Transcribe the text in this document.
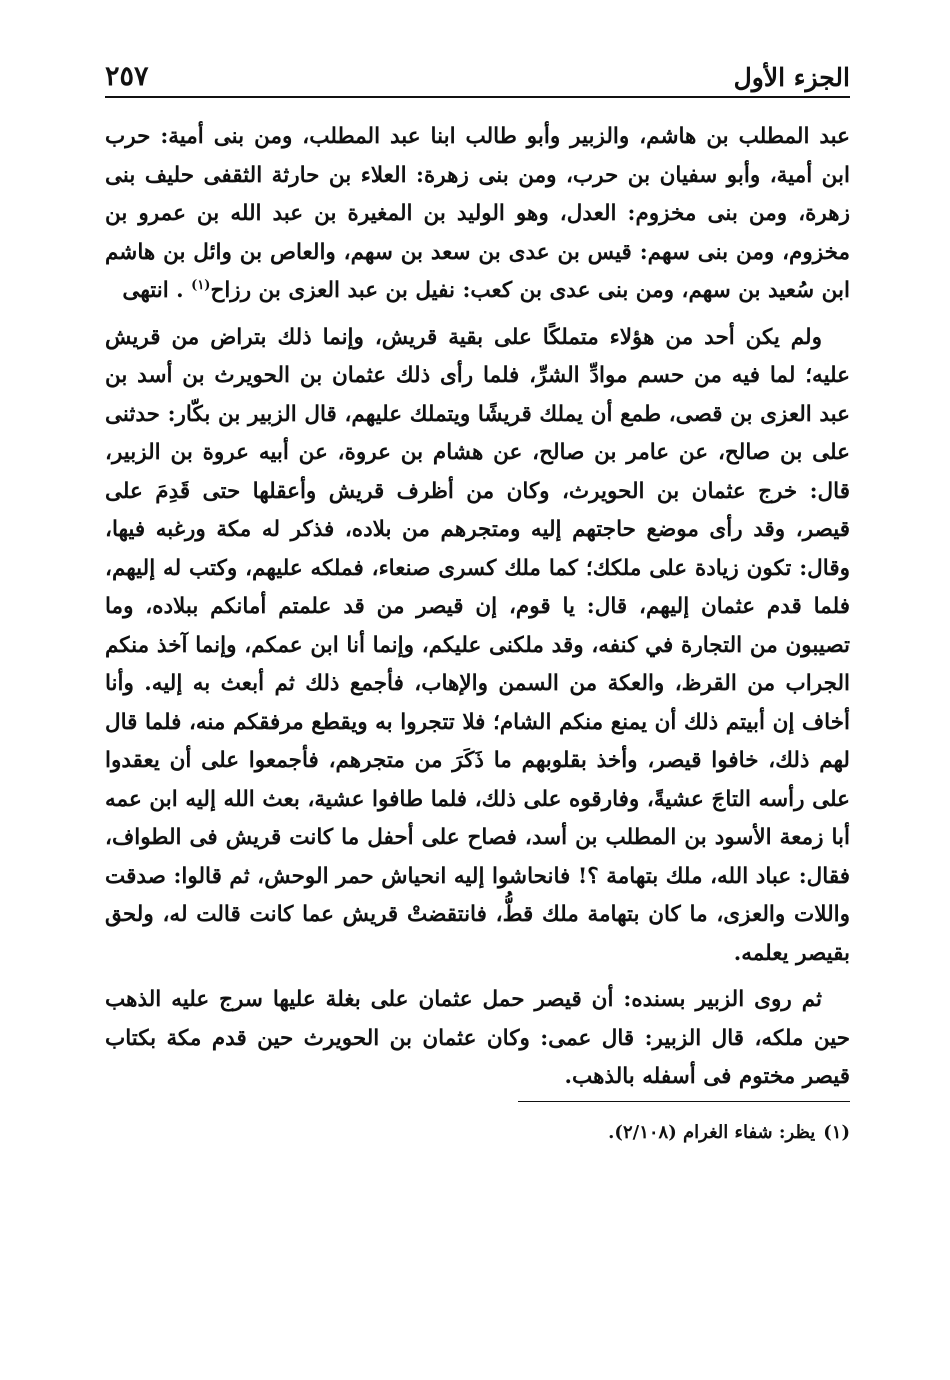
الجزء الأول
٢٥٧

عبد المطلب بن هاشم، والزبير وأبو طالب ابنا عبد المطلب، ومن بنى أمية: حرب ابن أمية، وأبو سفيان بن حرب، ومن بنى زهرة: العلاء بن حارثة الثقفى حليف بنى زهرة، ومن بنى مخزوم: العدل، وهو الوليد بن المغيرة بن عبد الله بن عمرو بن مخزوم، ومن بنى سهم: قيس بن عدى بن سعد بن سهم، والعاص بن وائل بن هاشم ابن سُعيد بن سهم، ومن بنى عدى بن كعب: نفيل بن عبد العزى بن رزاح$^{(١)}$ . انتهى

ولم يكن أحد من هؤلاء متملكًا على بقية قريش، وإنما ذلك بتراض من قريش عليه؛ لما فيه من حسم موادِّ الشرِّ، فلما رأى ذلك عثمان بن الحويرث بن أسد بن عبد العزى بن قصى، طمع أن يملك قريشًا ويتملك عليهم، قال الزبير بن بكّار: حدثنى على بن صالح، عن عامر بن صالح، عن هشام بن عروة، عن أبيه عروة بن الزبير، قال: خرج عثمان بن الحويرث، وكان من أظرف قريش وأعقلها حتى قَدِمَ على قيصر، وقد رأى موضع حاجتهم إليه ومتجرهم من بلاده، فذكر له مكة ورغبه فيها، وقال: تكون زيادة على ملكك؛ كما ملك كسرى صنعاء، فملكه عليهم، وكتب له إليهم، فلما قدم عثمان إليهم، قال: يا قوم، إن قيصر من قد علمتم أمانكم ببلاده، وما تصيبون من التجارة في كنفه، وقد ملكنى عليكم، وإنما أنا ابن عمكم، وإنما آخذ منكم الجراب من القرظ، والعكة من السمن والإهاب، فأجمع ذلك ثم أبعث به إليه. وأنا أخاف إن أبيتم ذلك أن يمنع منكم الشام؛ فلا تتجروا به ويقطع مرفقكم منه، فلما قال لهم ذلك، خافوا قيصر، وأخذ بقلوبهم ما ذَكَرَ من متجرهم، فأجمعوا على أن يعقدوا على رأسه التاجَ عشيةً، وفارقوه على ذلك، فلما طافوا عشية، بعث الله إليه ابن عمه أبا زمعة الأسود بن المطلب بن أسد، فصاح على أحفل ما كانت قريش فى الطواف، فقال: عباد الله، ملك بتهامة ؟! فانحاشوا إليه انحياش حمر الوحش، ثم قالوا: صدقت واللات والعزى، ما كان بتهامة ملك قطُّ، فانتقضتْ قريش عما كانت قالت له، ولحق بقيصر يعلمه.

ثم روى الزبير بسنده: أن قيصر حمل عثمان على بغلة عليها سرج عليه الذهب حين ملكه، قال الزبير: قال عمى: وكان عثمان بن الحويرث حين قدم مكة بكتاب قيصر مختوم فى أسفله بالذهب.

(١)يظر: شفاء الغرام (٢/١٠٨).
